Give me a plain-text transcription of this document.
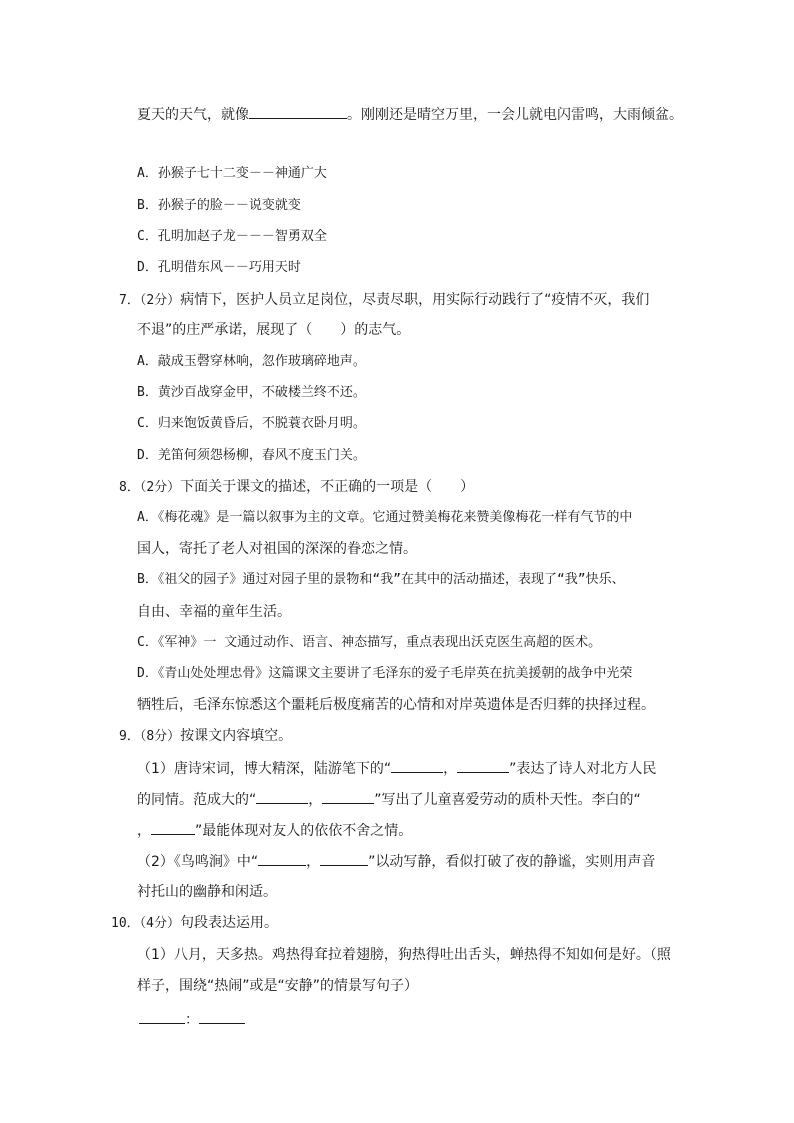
夏天的天气，就像	。刚刚还是晴空万里，一会儿就电闪雷鸣，大雨倾盆。
A．孙猴子七十二变－－神通广大
B．孙猴子的脸－－说变就变
C．孔明加赵子龙－－－智勇双全
D．孔明借东风－－巧用天时
7．（2分）病情下，医护人员立足岗位，尽责尽职，用实际行动践行了“疫情不灭，我们
不退”的庄严承诺，展现了（　　）的志气。
A．敲成玉磬穿林响，忽作玻璃碎地声。
B．黄沙百战穿金甲，不破楼兰终不还。
C．归来饱饭黄昏后，不脱蓑衣卧月明。
D．羌笛何须怨杨柳，春风不度玉门关。
8．（2分）下面关于课文的描述，不正确的一项是（　　）
A．《梅花魂》是一篇以叙事为主的文章。它通过赞美梅花来赞美像梅花一样有气节的中
国人，寄托了老人对祖国的深深的眷恋之情。
B．《祖父的园子》通过对园子里的景物和“我”在其中的活动描述，表现了“我”快乐、
自由、幸福的童年生活。
C．《军神》一 文通过动作、语言、神态描写，重点表现出沃克医生高超的医术。
D．《青山处处埋忠骨》这篇课文主要讲了毛泽东的爱子毛岸英在抗美援朝的战争中光荣
牺牲后，毛泽东惊悉这个噩耗后极度痛苦的心情和对岸英遗体是否归葬的抉择过程。
9．（8分）按课文内容填空。
（1）唐诗宋词，博大精深，陆游笔下的“	，	”表达了诗人对北方人民
的同情。范成大的“	，	”写出了儿童喜爱劳动的质朴天性。李白的“
，	”最能体现对友人的依依不舍之情。
（2）《鸟鸣涧》中“	，	”以动写静，看似打破了夜的静谧，实则用声音
衬托山的幽静和闲适。
10．（4分）句段表达运用。
（1）八月，天多热。鸡热得耷拉着翅膀，狗热得吐出舌头，蝉热得不知如何是好。（照
样子，围绕“热闹”或是“安静”的情景写句子）
：
